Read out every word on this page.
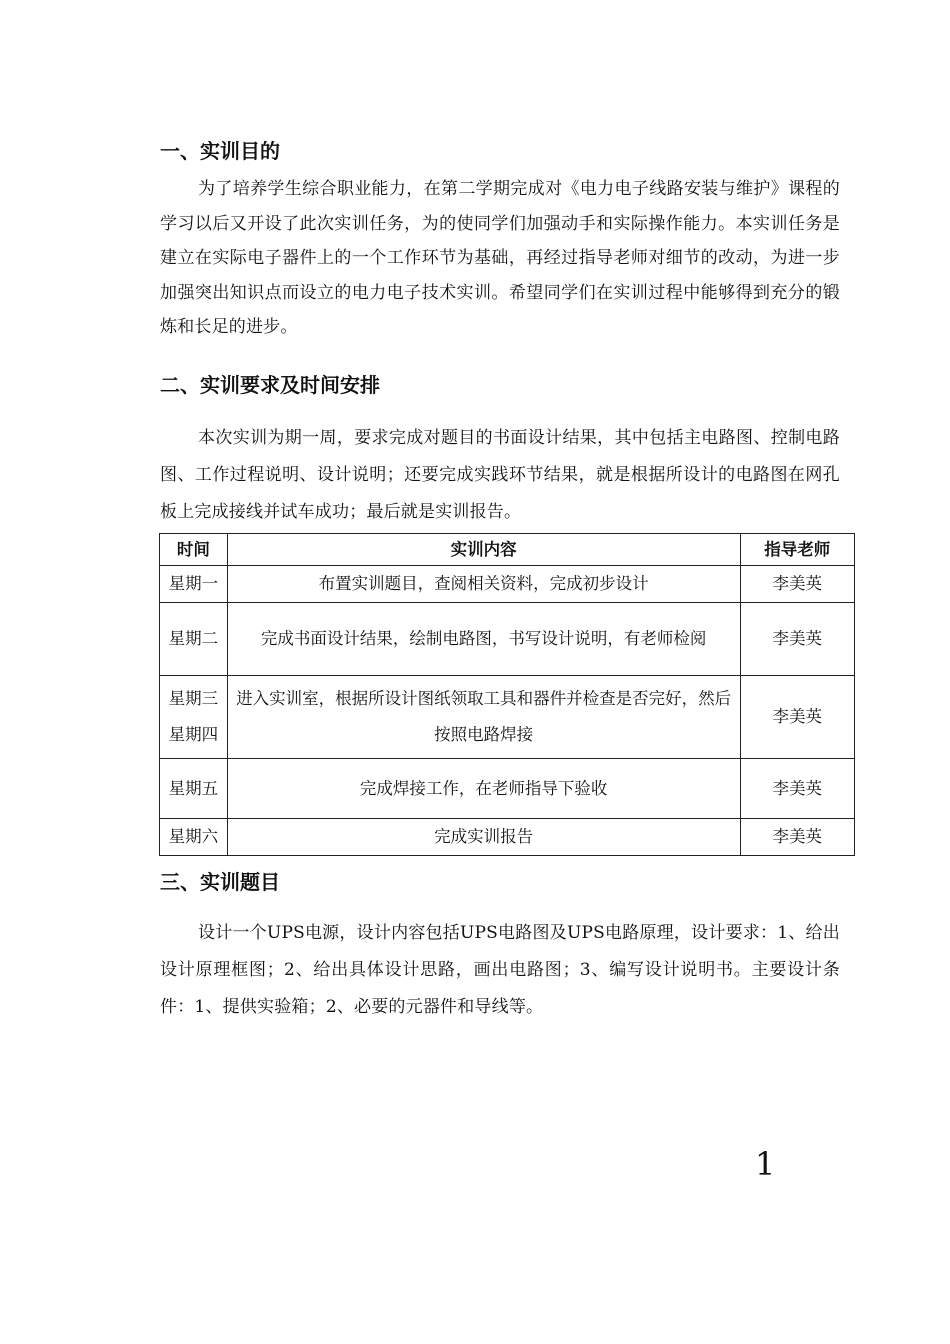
一、实训目的

为了培养学生综合职业能力，在第二学期完成对《电力电子线路安装与维护》课程的学习以后又开设了此次实训任务，为的使同学们加强动手和实际操作能力。本实训任务是建立在实际电子器件上的一个工作环节为基础，再经过指导老师对细节的改动，为进一步加强突出知识点而设立的电力电子技术实训。希望同学们在实训过程中能够得到充分的锻炼和长足的进步。

二、实训要求及时间安排

本次实训为期一周，要求完成对题目的书面设计结果，其中包括主电路图、控制电路图、工作过程说明、设计说明；还要完成实践环节结果，就是根据所设计的电路图在网孔板上完成接线并试车成功；最后就是实训报告。

时间	实训内容	指导老师
星期一	布置实训题目，查阅相关资料，完成初步设计	李美英
星期二	完成书面设计结果，绘制电路图，书写设计说明，有老师检阅	李美英

星期三
星期四	进入实训室，根据所设计图纸领取工具和器件并检查是否完好，然后按照电路焊接	李美英
星期五	完成焊接工作，在老师指导下验收	李美英
星期六	完成实训报告	李美英
三、实训题目

设计一个UPS电源，设计内容包括UPS电路图及UPS电路原理，设计要求：1、给出设计原理框图；2、给出具体设计思路，画出电路图；3、编写设计说明书。主要设计条件：1、提供实验箱；2、必要的元器件和导线等。

1
